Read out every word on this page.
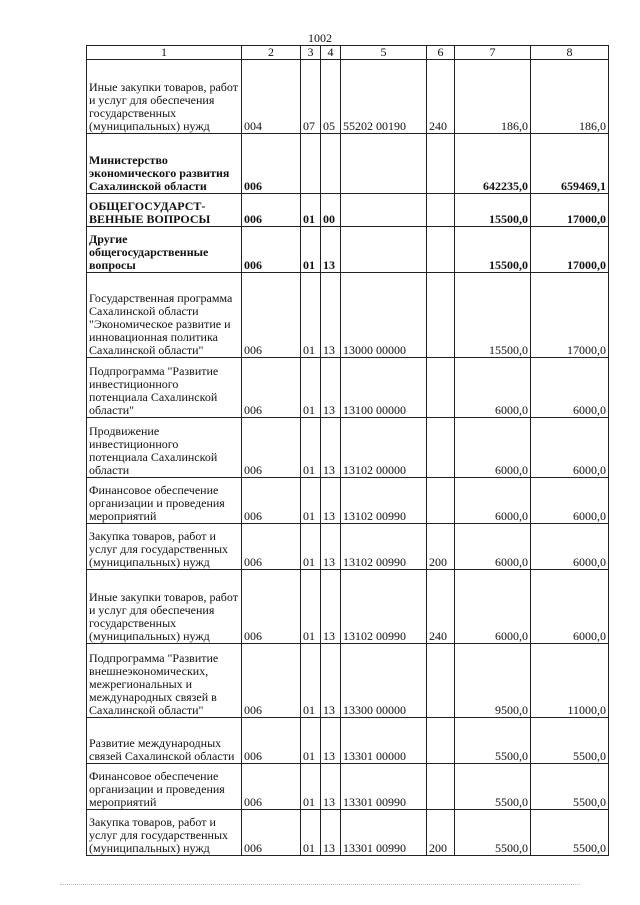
1002
1	2	3	4	5	6	7	8
Иные закупки товаров, работ и услуг для обеспечения государственных (муниципальных) нужд	004	07	05	55202 00190	240	186,0	186,0
Министерство экономического развития Сахалинской области	006					642235,0	659469,1
ОБЩЕГОСУДАРСТ-ВЕННЫЕ ВОПРОСЫ	006	01	00			15500,0	17000,0
Другие общегосударственные вопросы	006	01	13			15500,0	17000,0
Государственная программа Сахалинской области "Экономическое развитие и инновационная политика Сахалинской области"	006	01	13	13000 00000		15500,0	17000,0
Подпрограмма "Развитие инвестиционного потенциала Сахалинской области"	006	01	13	13100 00000		6000,0	6000,0
Продвижение инвестиционного потенциала Сахалинской области	006	01	13	13102 00000		6000,0	6000,0
Финансовое обеспечение организации и проведения мероприятий	006	01	13	13102 00990		6000,0	6000,0
Закупка товаров, работ и услуг для государственных (муниципальных) нужд	006	01	13	13102 00990	200	6000,0	6000,0
Иные закупки товаров, работ и услуг для обеспечения государственных (муниципальных) нужд	006	01	13	13102 00990	240	6000,0	6000,0
Подпрограмма "Развитие внешнеэкономических, межрегиональных и международных связей в Сахалинской области"	006	01	13	13300 00000		9500,0	11000,0
Развитие международных связей Сахалинской области	006	01	13	13301 00000		5500,0	5500,0
Финансовое обеспечение организации и проведения мероприятий	006	01	13	13301 00990		5500,0	5500,0
Закупка товаров, работ и услуг для государственных (муниципальных) нужд	006	01	13	13301 00990	200	5500,0	5500,0
